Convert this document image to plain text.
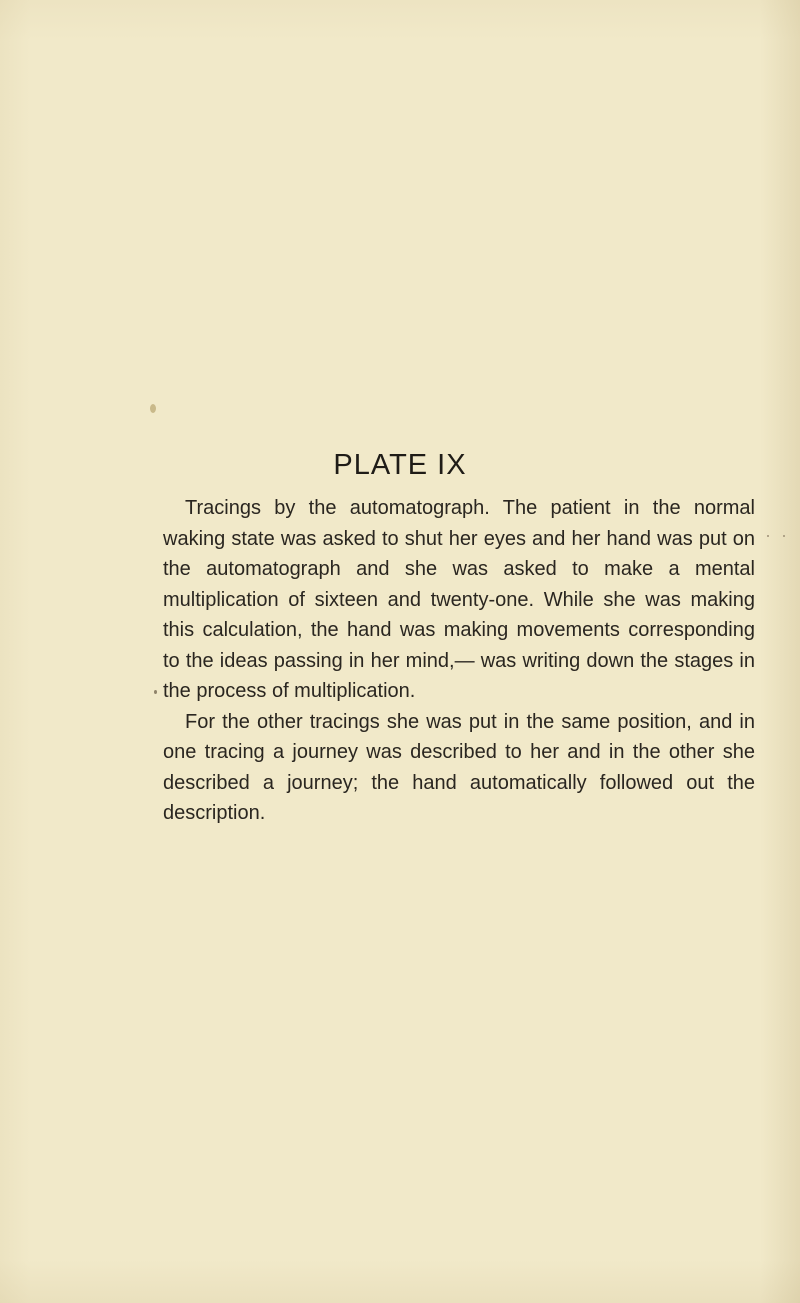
PLATE IX

Tracings by the automatograph. The patient in the normal waking state was asked to shut her eyes and her hand was put on the automatograph and she was asked to make a mental multiplication of sixteen and twenty-one. While she was making this calculation, the hand was making movements corresponding to the ideas passing in her mind,— was writing down the stages in the process of multiplication.

For the other tracings she was put in the same position, and in one tracing a journey was described to her and in the other she described a journey; the hand automatically followed out the description.
